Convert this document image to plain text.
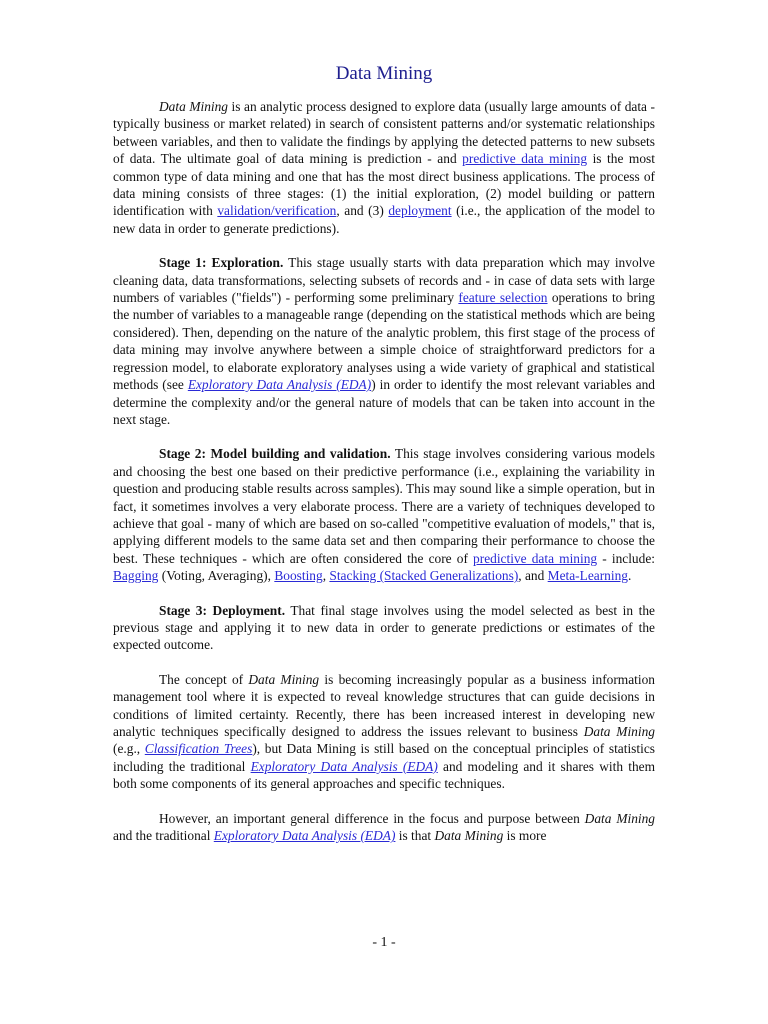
Data Mining

Data Mining is an analytic process designed to explore data (usually large amounts of data - typically business or market related) in search of consistent patterns and/or systematic relationships between variables, and then to validate the findings by applying the detected patterns to new subsets of data. The ultimate goal of data mining is prediction - and predictive data mining is the most common type of data mining and one that has the most direct business applications. The process of data mining consists of three stages: (1) the initial exploration, (2) model building or pattern identification with validation/verification, and (3) deployment (i.e., the application of the model to new data in order to generate predictions).

Stage 1: Exploration. This stage usually starts with data preparation which may involve cleaning data, data transformations, selecting subsets of records and - in case of data sets with large numbers of variables ("fields") - performing some preliminary feature selection operations to bring the number of variables to a manageable range (depending on the statistical methods which are being considered). Then, depending on the nature of the analytic problem, this first stage of the process of data mining may involve anywhere between a simple choice of straightforward predictors for a regression model, to elaborate exploratory analyses using a wide variety of graphical and statistical methods (see Exploratory Data Analysis (EDA)) in order to identify the most relevant variables and determine the complexity and/or the general nature of models that can be taken into account in the next stage.

Stage 2: Model building and validation. This stage involves considering various models and choosing the best one based on their predictive performance (i.e., explaining the variability in question and producing stable results across samples). This may sound like a simple operation, but in fact, it sometimes involves a very elaborate process. There are a variety of techniques developed to achieve that goal - many of which are based on so-called "competitive evaluation of models," that is, applying different models to the same data set and then comparing their performance to choose the best. These techniques - which are often considered the core of predictive data mining - include: Bagging (Voting, Averaging), Boosting, Stacking (Stacked Generalizations), and Meta-Learning.

Stage 3: Deployment. That final stage involves using the model selected as best in the previous stage and applying it to new data in order to generate predictions or estimates of the expected outcome.

The concept of Data Mining is becoming increasingly popular as a business information management tool where it is expected to reveal knowledge structures that can guide decisions in conditions of limited certainty. Recently, there has been increased interest in developing new analytic techniques specifically designed to address the issues relevant to business Data Mining (e.g., Classification Trees), but Data Mining is still based on the conceptual principles of statistics including the traditional Exploratory Data Analysis (EDA) and modeling and it shares with them both some components of its general approaches and specific techniques.

However, an important general difference in the focus and purpose between Data Mining and the traditional Exploratory Data Analysis (EDA) is that Data Mining is more

- 1 -
